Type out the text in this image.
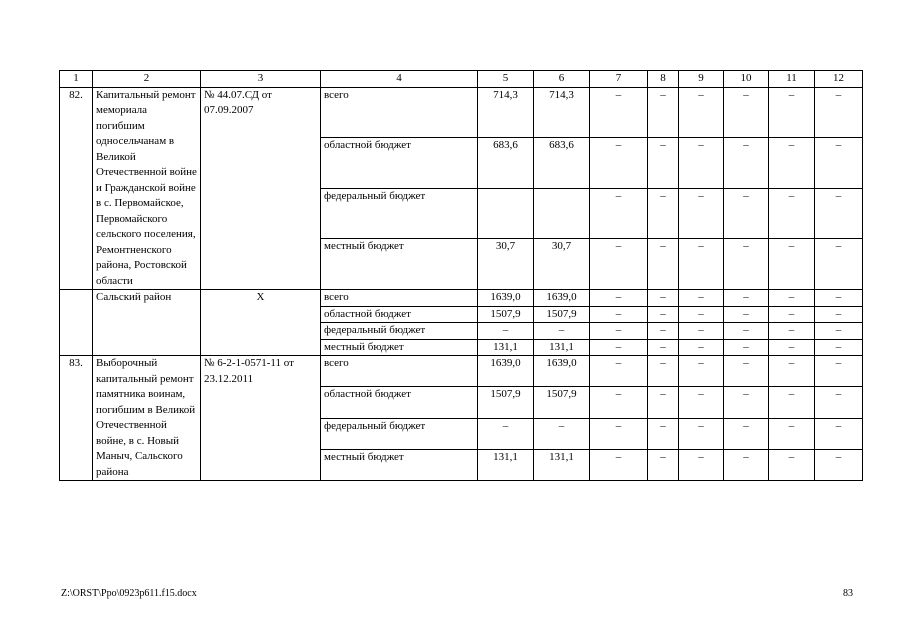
1	2	3	4	5	6	7	8	9	10	11	12
82.	Капитальный ремонт мемориала погибшим односельчанам в Великой Отечественной войне и Гражданской войне в с. Первомайское, Первомайского сельского поселения, Ремонтненского района, Ростовской области	№ 44.07.СД от 07.09.2007	всего	714,3	714,3	–	–	–	–	–	–
			областной бюджет	683,6	683,6	–	–	–	–	–	–
			федеральный бюджет			–	–	–	–	–	–
			местный бюджет	30,7	30,7	–	–	–	–	–	–
	Сальский район	Х	всего	1639,0	1639,0	–	–	–	–	–	–
			областной бюджет	1507,9	1507,9	–	–	–	–	–	–
			федеральный бюджет	–	–	–	–	–	–	–	–
			местный бюджет	131,1	131,1	–	–	–	–	–	–
83.	Выборочный капитальный ремонт памятника воинам, погибшим в Великой Отечественной войне, в с. Новый Маныч, Сальского района	№ 6-2-1-0571-11 от 23.12.2011	всего	1639,0	1639,0	–	–	–	–	–	–
			областной бюджет	1507,9	1507,9	–	–	–	–	–	–
			федеральный бюджет	–	–	–	–	–	–	–	–
			местный бюджет	131,1	131,1	–	–	–	–	–	–
Z:\ORST\Ppo\0923p611.f15.docx	83
